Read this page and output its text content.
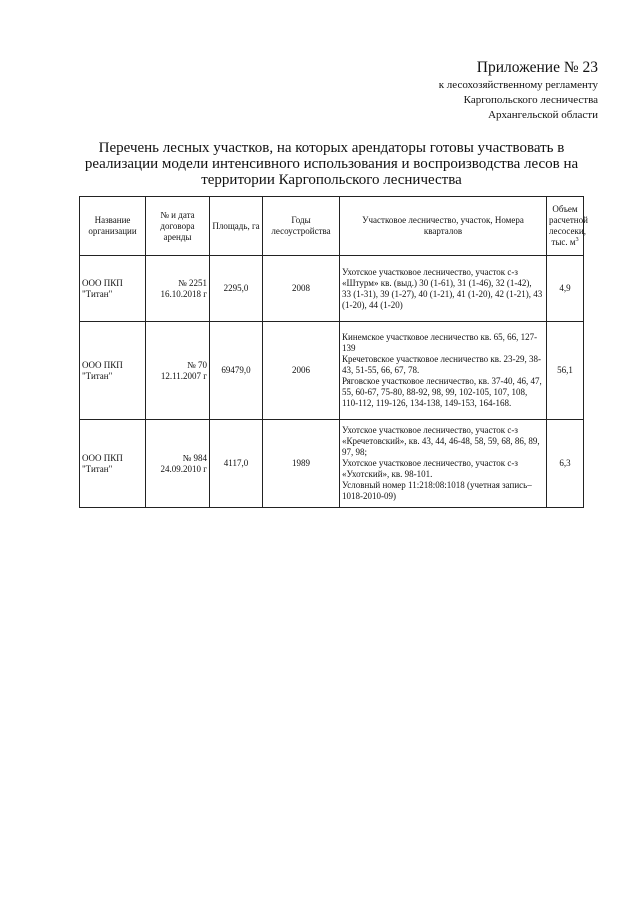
Приложение № 23
к лесохозяйственному регламенту
Каргопольского лесничества
Архангельской области
Перечень лесных участков, на которых арендаторы готовы участвовать в
реализации модели интенсивного использования и воспроизводства лесов на
территории Каргопольского лесничества
Название организации	№ и дата договора аренды	Площадь, га	Годы лесоустройства	Участковое лесничество, участок, Номера кварталов	Объем расчетной лесосеки, тыс. $м^3$
ООО ПКП "Титан"	№ 2251 16.10.2018 г	2295,0	2008	Ухотское участковое лесничество, участок с-з «Штурм» кв. (выд.) 30 (1-61), 31 (1-46), 32 (1-42),
33 (1-31), 39 (1-27), 40 (1-21), 41 (1-20), 42 (1-21), 43 (1-20), 44 (1-20)	4,9
ООО ПКП "Титан"	№ 70 12.11.2007 г	69479,0	2006	Кинемское участковое лесничество кв. 65, 66, 127-139
Кречетовское участковое лесничество кв. 23-29, 38-43, 51-55, 66, 67, 78.
Ряговское участковое лесничество, кв. 37-40, 46, 47, 55, 60-67, 75-80, 88-92, 98, 99, 102-105, 107, 108, 110-112, 119-126, 134-138, 149-153, 164-168.	56,1
ООО ПКП "Титан"	№ 984 24.09.2010 г	4117,0	1989	Ухотское участковое лесничество, участок с-з «Кречетовский», кв. 43, 44, 46-48, 58, 59, 68, 86, 89, 97, 98;
Ухотское участковое лесничество, участок с-з «Ухотский», кв. 98-101.
Условный номер 11:218:08:1018 (учетная запись– 1018-2010-09)	6,3
